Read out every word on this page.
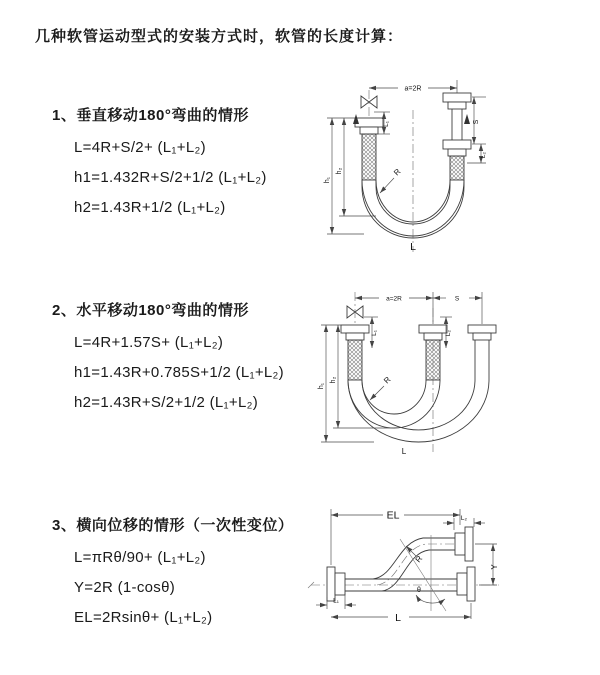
几种软管运动型式的安装方式时，软管的长度计算：
1、垂直移动180°弯曲的情形
L=4R+S/2+ (L₁+L₂)
h1=1.432R+S/2+1/2 (L₁+L₂)
h2=1.43R+1/2 (L₁+L₂)
2、水平移动180°弯曲的情形
L=4R+1.57S+ (L₁+L₂)
h1=1.43R+0.785S+1/2 (L₁+L₂)
h2=1.43R+S/2+1/2 (L₁+L₂)
3、横向位移的情形（一次性变位）
L=πRθ/90+ (L₁+L₂)
Y=2R (1-cosθ)
EL=2Rsinθ+ (L₁+L₂)
a=2R
R
h₁
h₂
L₁	S
L₂
L
a=2R	S
R
h₁
h₂
L₁	L₂
L
EL	L₂
Y
θ
R
L₁
L
